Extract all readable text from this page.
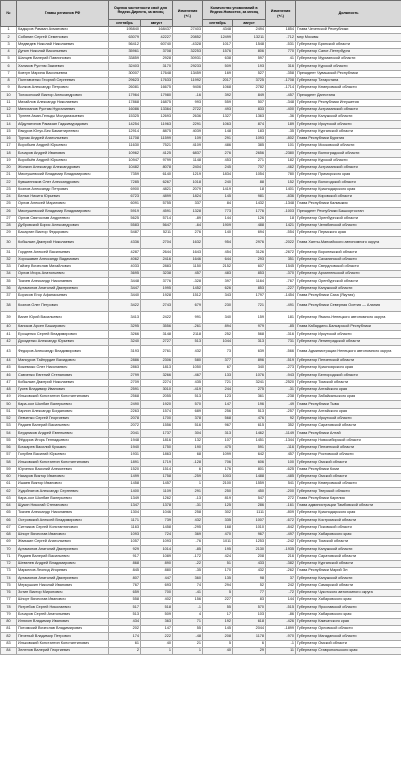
№	Главы регионов РФ	Оценка частотности своё для Яндекс.Директа, за месяц		Изменения (+/-)	Количество упоминаний в Яндекс.Новостях, за месяц		Изменения (+/-)	Должность
		сентябрь	август		сентябрь	август		
1	Кадыров Рамзан Ахматович	195840	168437	27403	4348	2494	1854	Глава Чеченской Республики
2	Собянин Сергей Семенович	63079	42227	20852	12499	13211	-712	мэр Москвы
3	Медведев Николай Николаевич	56412	60740	-4328	1017	1548	-531	Губернатор Брянской области
4	Дунин Николай Васильевич	35961	3708	32253	1576	806	770	Губернатор Санкт-Петербурга
5	Шанцев Валерий Павлинович	33859	2928	30931	638	597	41	Губернатор Мурманской области
6	Халиков Рустэм Закиевич	32403	3170	29233	509	193	316	Губернатор Курской области
7	Ковтун Марина Васильевна	30007	17648	13459	169	527	-358	Президент Чувашской Республики
8	Полтавченко Георгий Сергеевич	29623	17633	11992	2017	3725	-1708	Губернатор Татарстана
9	Волков Александр Петрович	26081	16675	9406	1068	2782	-1714	Губернатор Кемеровской области
10	Толоконский Виктор Александрович	17964	17980	-16	392	849	-457	Президент Дагестана
11	Михайлов Александр Николаевич	17868	16875	993	559	507	-348	Губернатор Республики Ингушетия
12	Миниханов Рустам Нургалиевич	16086	13364	2722	493	833	-400	Губернатор Астраханской области
13	Тулеев Аман-Гельды Молдагазыевич	15325	12693	2636	1327	1363	-36	Губернатор Калужской области
14	Абдулатипов Рамазан Гаджимурадович	14254	11963	2291	1063	874	189	Губернатор Иркутской области
15	Евкуров Юнус-Бек Баматгиреевич	12914	8875	4039	148	183	-35	Губернатор Курганской области
16	Турчак Андрей Анатольевич	11708	11599	109	291	1093	-802	Глава Республики Бурятия
17	Воробьев Андрей Юрьевич	11630	7521	4109	486	385	101	Губернатор Московской области
18	Бочаров Андрей Иванович	10962	4125	6837	276	2656	-2380	Губернатор Волгоградской области
19	Воробьёв Андрей Юрьевич	10947	9799	1148	453	271	182	Губернатор Курской области
20	Жилкин Александр Александрович	10482	8078	2404	245	707	-462	Губернатор Астраханской области
21	Миклушевский Владимир Владимирович	7359	6140	1219	1834	1054	780	Губернатор Приморского края
22	Кувшинников Олег Александрович	7285	6267	1018	240	88	152	Губернатор Вологодской области
23	Козлов Александр Петрович	6900	4821	2079	1419	18	1401	Губернатор Краснодарского края
24	Белых Никита Юрьевич	6723	4899	1824	145	981	-836	Губернатор Кировской области
25	Орлов Алексей Маратович	6091	5755	337	84	1432	-1348	Глава Республики Калмыкия
26	Миклушевский Владимир Владимирович	5919	4591	1328	773	1776	-1003	Президент Республики Башкортостан
27	Орлов Святослав Андреевич	5625	5714	-89	144	126	18	Губернатор Оренбургской области
28	Дубровский Борис Александрович	5583	5647	-64	1909	488	1421	Губернатор Челябинской области
29	Басаргин Виктор Федорович	5487	5211	276	140	694	-554	Губернатор Пермского края
30	Кобылкин Дмитрий Николаевич	4336	2704	1632	954	2976	-2022	Глава Ханты-Мансийского автономного округа
31	Гордеев Алексей Васильевич	4287	2644	1643	454	3126	-2672	Губернатор Воронежской области
32	Хорошавин Александр Вадимович	4062	2416	1646	644	293	351	Губернатор Сахалинской области
33	Гайзер Вячеслав Михайлович	4033	2883	1150	2152	607	1545	Губернатор Свердловской области
34	Орлов Игорь Анатольевич	3695	3238	457	483	853	-370	Губернатор Архангельской области
35	Ткачев Александр Николаевич	3448	3776	-328	397	1164	-767	Губернатор Оренбургской области
36	Артамонов Анатолий Дмитриевич	3447	1995	1452	626	853	-227	Губернатор Калужской области
37	Борисов Егор Афанасьевич	3440	1928	1512	343	1797	-1454	Глава Республики Саха (Якутия)
38	Козлов Олег Петрович	3422	2743	679	230	721	-491	Глава Республики Северная Осетия — Алания
39	Вагин Юрий Васильевич	3413	2422	991	340	159	181	Губернатор Ямало-Ненецкого автономного округа
40	Канокoв Арсен Баширович	3295	3556	-261	894	979	-85	Глава Кабардино-Балкарской Республики
41	Ерощенко Сергей Владимирович	3266	3148	2118	252	568	-316	Губернатор Иркутской области
42	Дрозденко Александр Юрьевич	3240	2727	513	1044	313	731	Губернатор Ленинградской области
43	Федоров Александр Владимирович	3193	2761	432	73	639	-566	Глава Администрации Ненецкого автономного округа
44	Мансуров Тайнурдин Вахидович	2886	2306	580	377	896	-519	Губернатор Пензенской области
45	Кожемяко Олег Николаевич	2863	1813	1050	67	340	-273	Губернатор Красноярского края
46	Савченко Евгений Степанович	2799	3266	-467	133	1076	-943	Губернатор Белгородской области
47	Кобылкин Дмитрий Николаевич	2709	2274	435	721	3241	-2520	Губернатор Томской области
48	Гусев Владимир Иванович	2591	3010	-419	244	275	-31	Губернатор Алтайского края
49	Ильковский Константин Константинович	2568	2055	513	123	361	-238	Губернатор Забайкальского края
50	Кара-оол Шолбан Валерьевич	2490	1920	570	147	196	-49	Глава Республики Тыва
51	Карлин Александр Богданович	2263	1574	689	256	513	-257	Губернатор Алтайского края
52	Левченко Сергей Георгиевич	2078	1700	378	568	476	92	Губернатор Иркутской области
53	Радаев Валерий Васильевич	2072	1556	516	967	615	352	Губернатор Саратовской области
54	Бердников Андрей Евгеньевич	2041	1737	304	313	1462	-1149	Глава Республики Алтай
55	Фёдоров Игорь Геннадьевич	1948	1816	132	107	1451	-1344	Губернатор Новосибирской области
56	Бочкарев Василий Кузьмич	1940	1750	190	475	591	-116	Губернатор Пензенской области
57	Голубев Василий Юрьевич	1931	1863	68	1099	642	457	Губернатор Ростовской области
58	Ильковский Константин Константинович	1891	1719	-128	706	606	100	Губернатор Омской области
59	Юрченко Василий Алексеевич	1520	1514	6	176	801	-625	Глава Республики Коми
60	Назаров Виктор Иванович	1499	1758	-259	1003	1488	-485	Губернатор Омской области
61	Ишаев Виктор Иванович	1458	1457	1	2100	1559	541	Губернатор Кемеровской области
62	Худойнатов Александр Сергеевич	1400	1109	291	250	450	-200	Губернатор Тверской области
63	Кара-оол Шолбан Валерьевич	1349	1262	-13	819	547	272	Глава Республики Карелия
64	Щукин Николай Степанович	1347	1378	-31	125	286	-161	Глава администрации Тамбовской области
65	Ткачев Александр Николаевич	1304	1046	258	302	1111	-809	Губернатор Краснодарского края
66	Островский Алексей Владимирович	1171	739	432	335	1007	-672	Губернатор Костромской области
67	Ситников Сергей Константинович	1163	1458	-295	168	1010	-842	Губернатор Псковской области
68	Шпорт Вячеслав Иванович	1093	724	369	470	967	-497	Губернатор Хабаровского края
69	Жвачкин Сергей Анатольевич	1057	1093	-76	1011	1253	-242	Губернатор Томской области
70	Артамонов Анатолий Дмитриевич	929	1014	-85	195	2130	-1935	Губернатор Калужской области
71	Радаев Валерий Васильевич	917	1089	-172	424	208	216	Губернатор Саратовской области
72	Шевелев Андрей Владимирович	868	890	-22	51	433	-382	Губернатор Курганской области
73	Маркелов Леонид Игоревич	845	880	-35	170	432	-262	Глава Республики Марий Эл
74	Артамонов Анатолий Дмитриевич	807	447	360	135	98	37	Губернатор Калужской области
75	Меркушкин Николай Иванович	767	693	74	294	52	242	Губернатор Самарской области
76	Зотин Виктор Миронович	659	700	-41	5	77	-72	Губернатор Чукотского автономного округа
77	Шпорт Вячеслав Иванович	558	402	156	227	83	144	Губернатор Хабаровского края
78	Ястребов Сергей Николаевич	517	518	-1	55	570	-515	Губернатор Ярославской области
79	Бочаров Сергей Анатольевич	513	509	4	17	103	-86	Губернатор Хабаровского края
80	Илюхин Владимир Иванович	434	363	71	192	618	-426	Губернатор Камчатского края
81	Потомский Вячеслав Владимирович	202	147	55	145	2044	-1899	Губернатор Орловской области
82	Печеный Владимир Петрович	174	222	-48	208	1178	-970	Губернатор Магаданской области
83	Ильковский Константин Константинович	61	40	21	5	6	-1	Губернатор Омской области
84	Зеленов Валерий Георгиевич	2	1	1	40	29	11	Губернатор Ставропольского края
